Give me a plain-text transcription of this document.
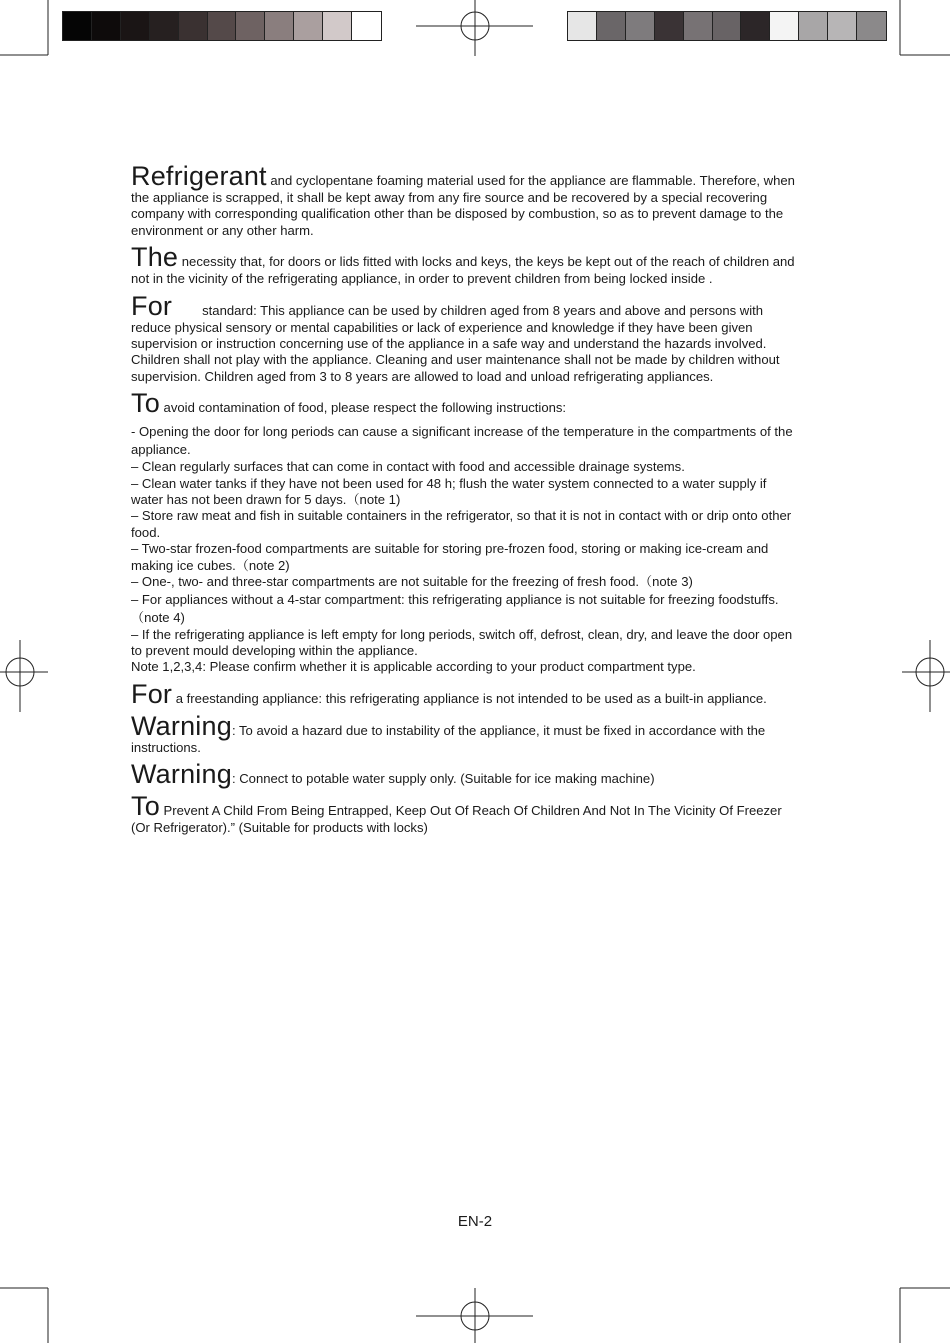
Refrigerant and cyclopentane foaming material used for the appliance are flammable. Therefore, when the appliance is scrapped, it shall be kept away from any fire source and be recovered by a special recovering company with corresponding qualification other than be disposed by combustion, so as to prevent damage to the environment or any other harm.

The necessity that, for doors or lids fitted with locks and keys, the keys be kept out of the reach of children and not in the vicinity of the refrigerating appliance, in order to prevent children from being locked inside .

For standard: This appliance can be used by children aged from 8 years and above and persons with reduce physical sensory or mental capabilities or lack of experience and knowledge if they have been given supervision or instruction concerning use of the appliance in a safe way and understand the hazards involved. Children shall not play with the appliance. Cleaning and user maintenance shall not be made by children without supervision. Children aged from 3 to 8 years are allowed to load and unload refrigerating appliances.

To avoid contamination of food, please respect the following instructions:

- Opening the door for long periods can cause a significant increase of the temperature in the compartments of the appliance.

– Clean regularly surfaces that can come in contact with food and accessible drainage systems.

– Clean water tanks if they have not been used for 48 h; flush the water system connected to a water supply if water has not been drawn for 5 days.（note 1)

– Store raw meat and fish in suitable containers in the refrigerator, so that it is not in contact with or drip onto other food.

– Two-star frozen-food compartments are suitable for storing pre-frozen food, storing or making ice-cream and making ice cubes.（note 2)

– One-, two- and three-star compartments are not suitable for the freezing of fresh food.（note 3)

– For appliances without a 4-star compartment: this refrigerating appliance is not suitable for freezing foodstuffs.（note 4)

– If the refrigerating appliance is left empty for long periods, switch off, defrost, clean, dry, and leave the door open to prevent mould developing within the appliance.

Note 1,2,3,4: Please confirm whether it is applicable according to your product compartment type.

For a freestanding appliance: this refrigerating appliance is not intended to be used as a built-in appliance.

Warning: To avoid a hazard due to instability of the appliance, it must be fixed in accordance with the instructions.

Warning: Connect to potable water supply only. (Suitable for ice making machine)

To Prevent A Child From Being Entrapped, Keep Out Of Reach Of Children And Not In The Vicinity Of Freezer (Or Refrigerator).” (Suitable for products with locks)

EN-2
